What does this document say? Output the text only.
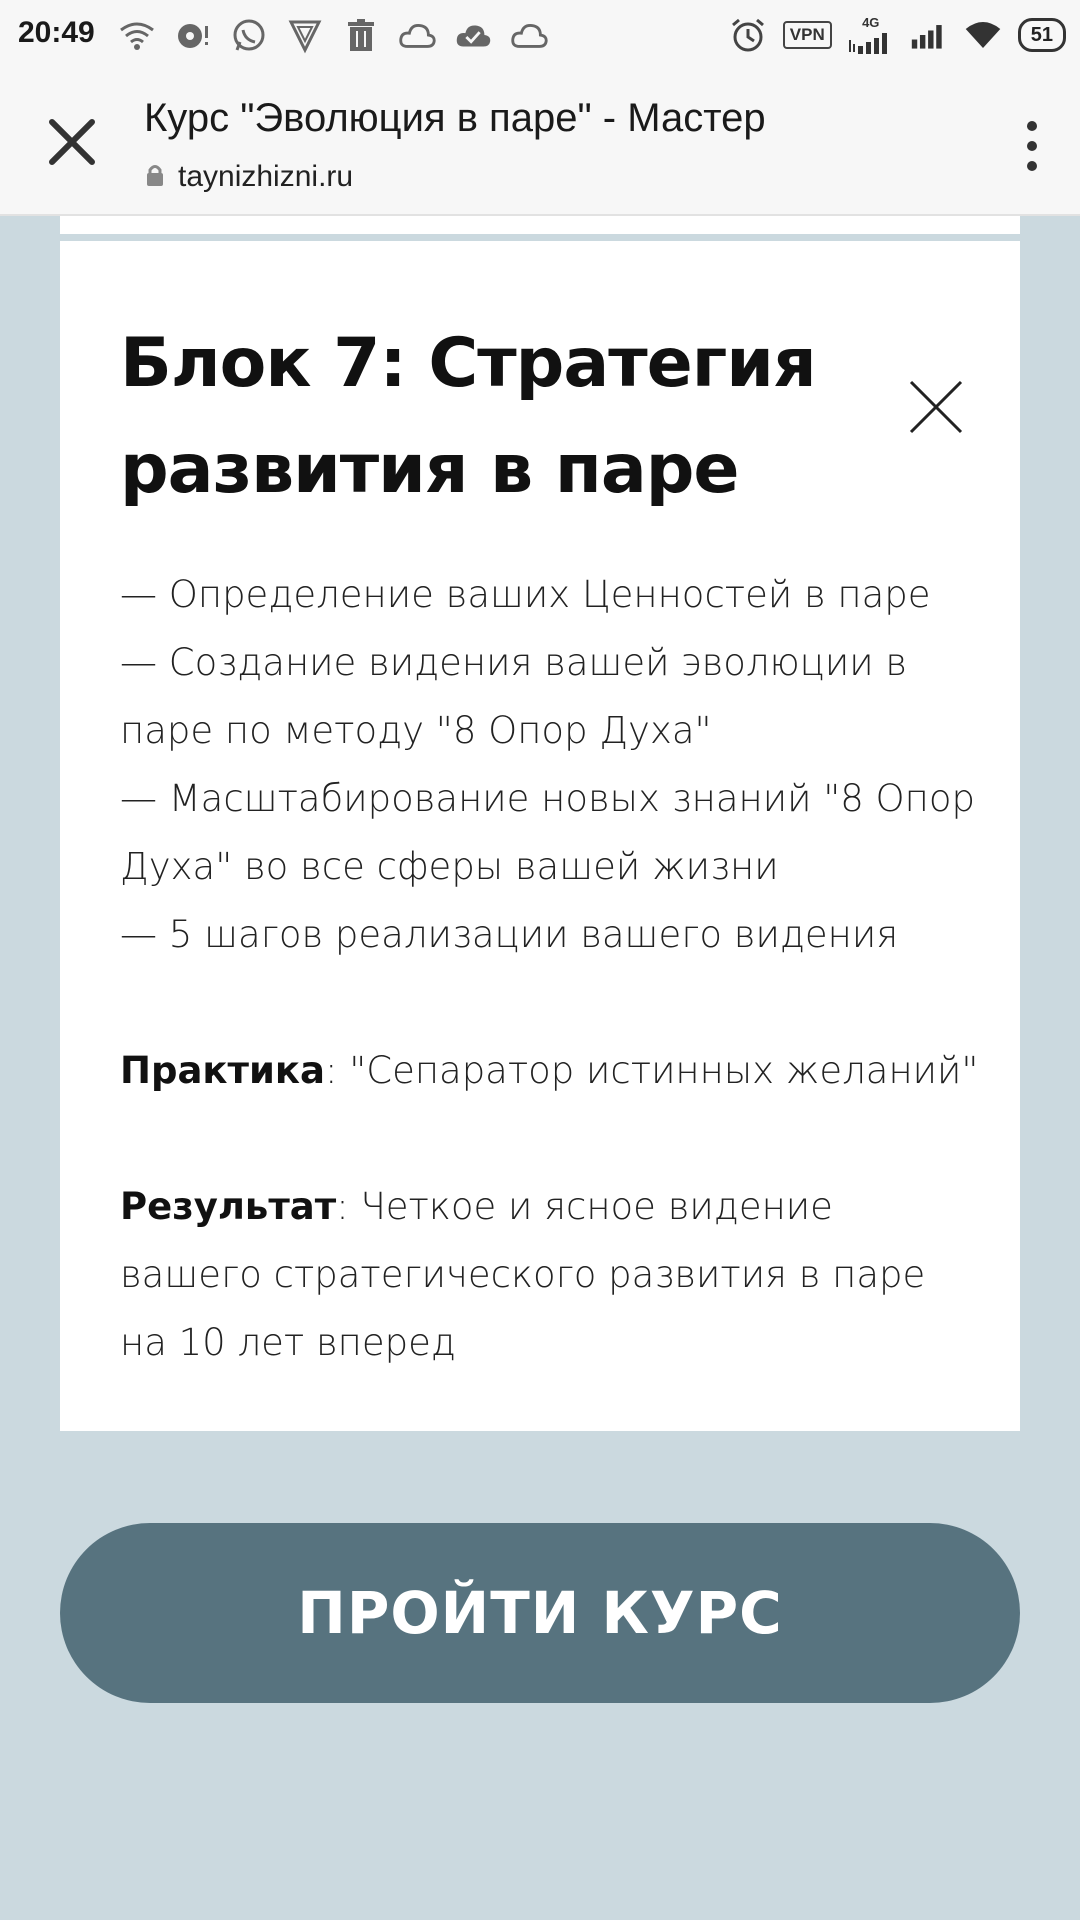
20:49	VPN
4G
51
Курс "Эволюция в паре" - Мастер
taynizhizni.ru
Блок 7: Стратегия развития в паре

— Определение ваших Ценностей в паре

— Создание видения вашей эволюции в паре по методу "8 Опор Духа"

— Масштабирование новых знаний "8 Опор Духа" во все сферы вашей жизни

— 5 шагов реализации вашего видения

Практика: "Сепаратор истинных желаний"

Результат: Четкое и ясное видение вашего стратегического развития в паре на 10 лет вперед

ПРОЙТИ КУРС
